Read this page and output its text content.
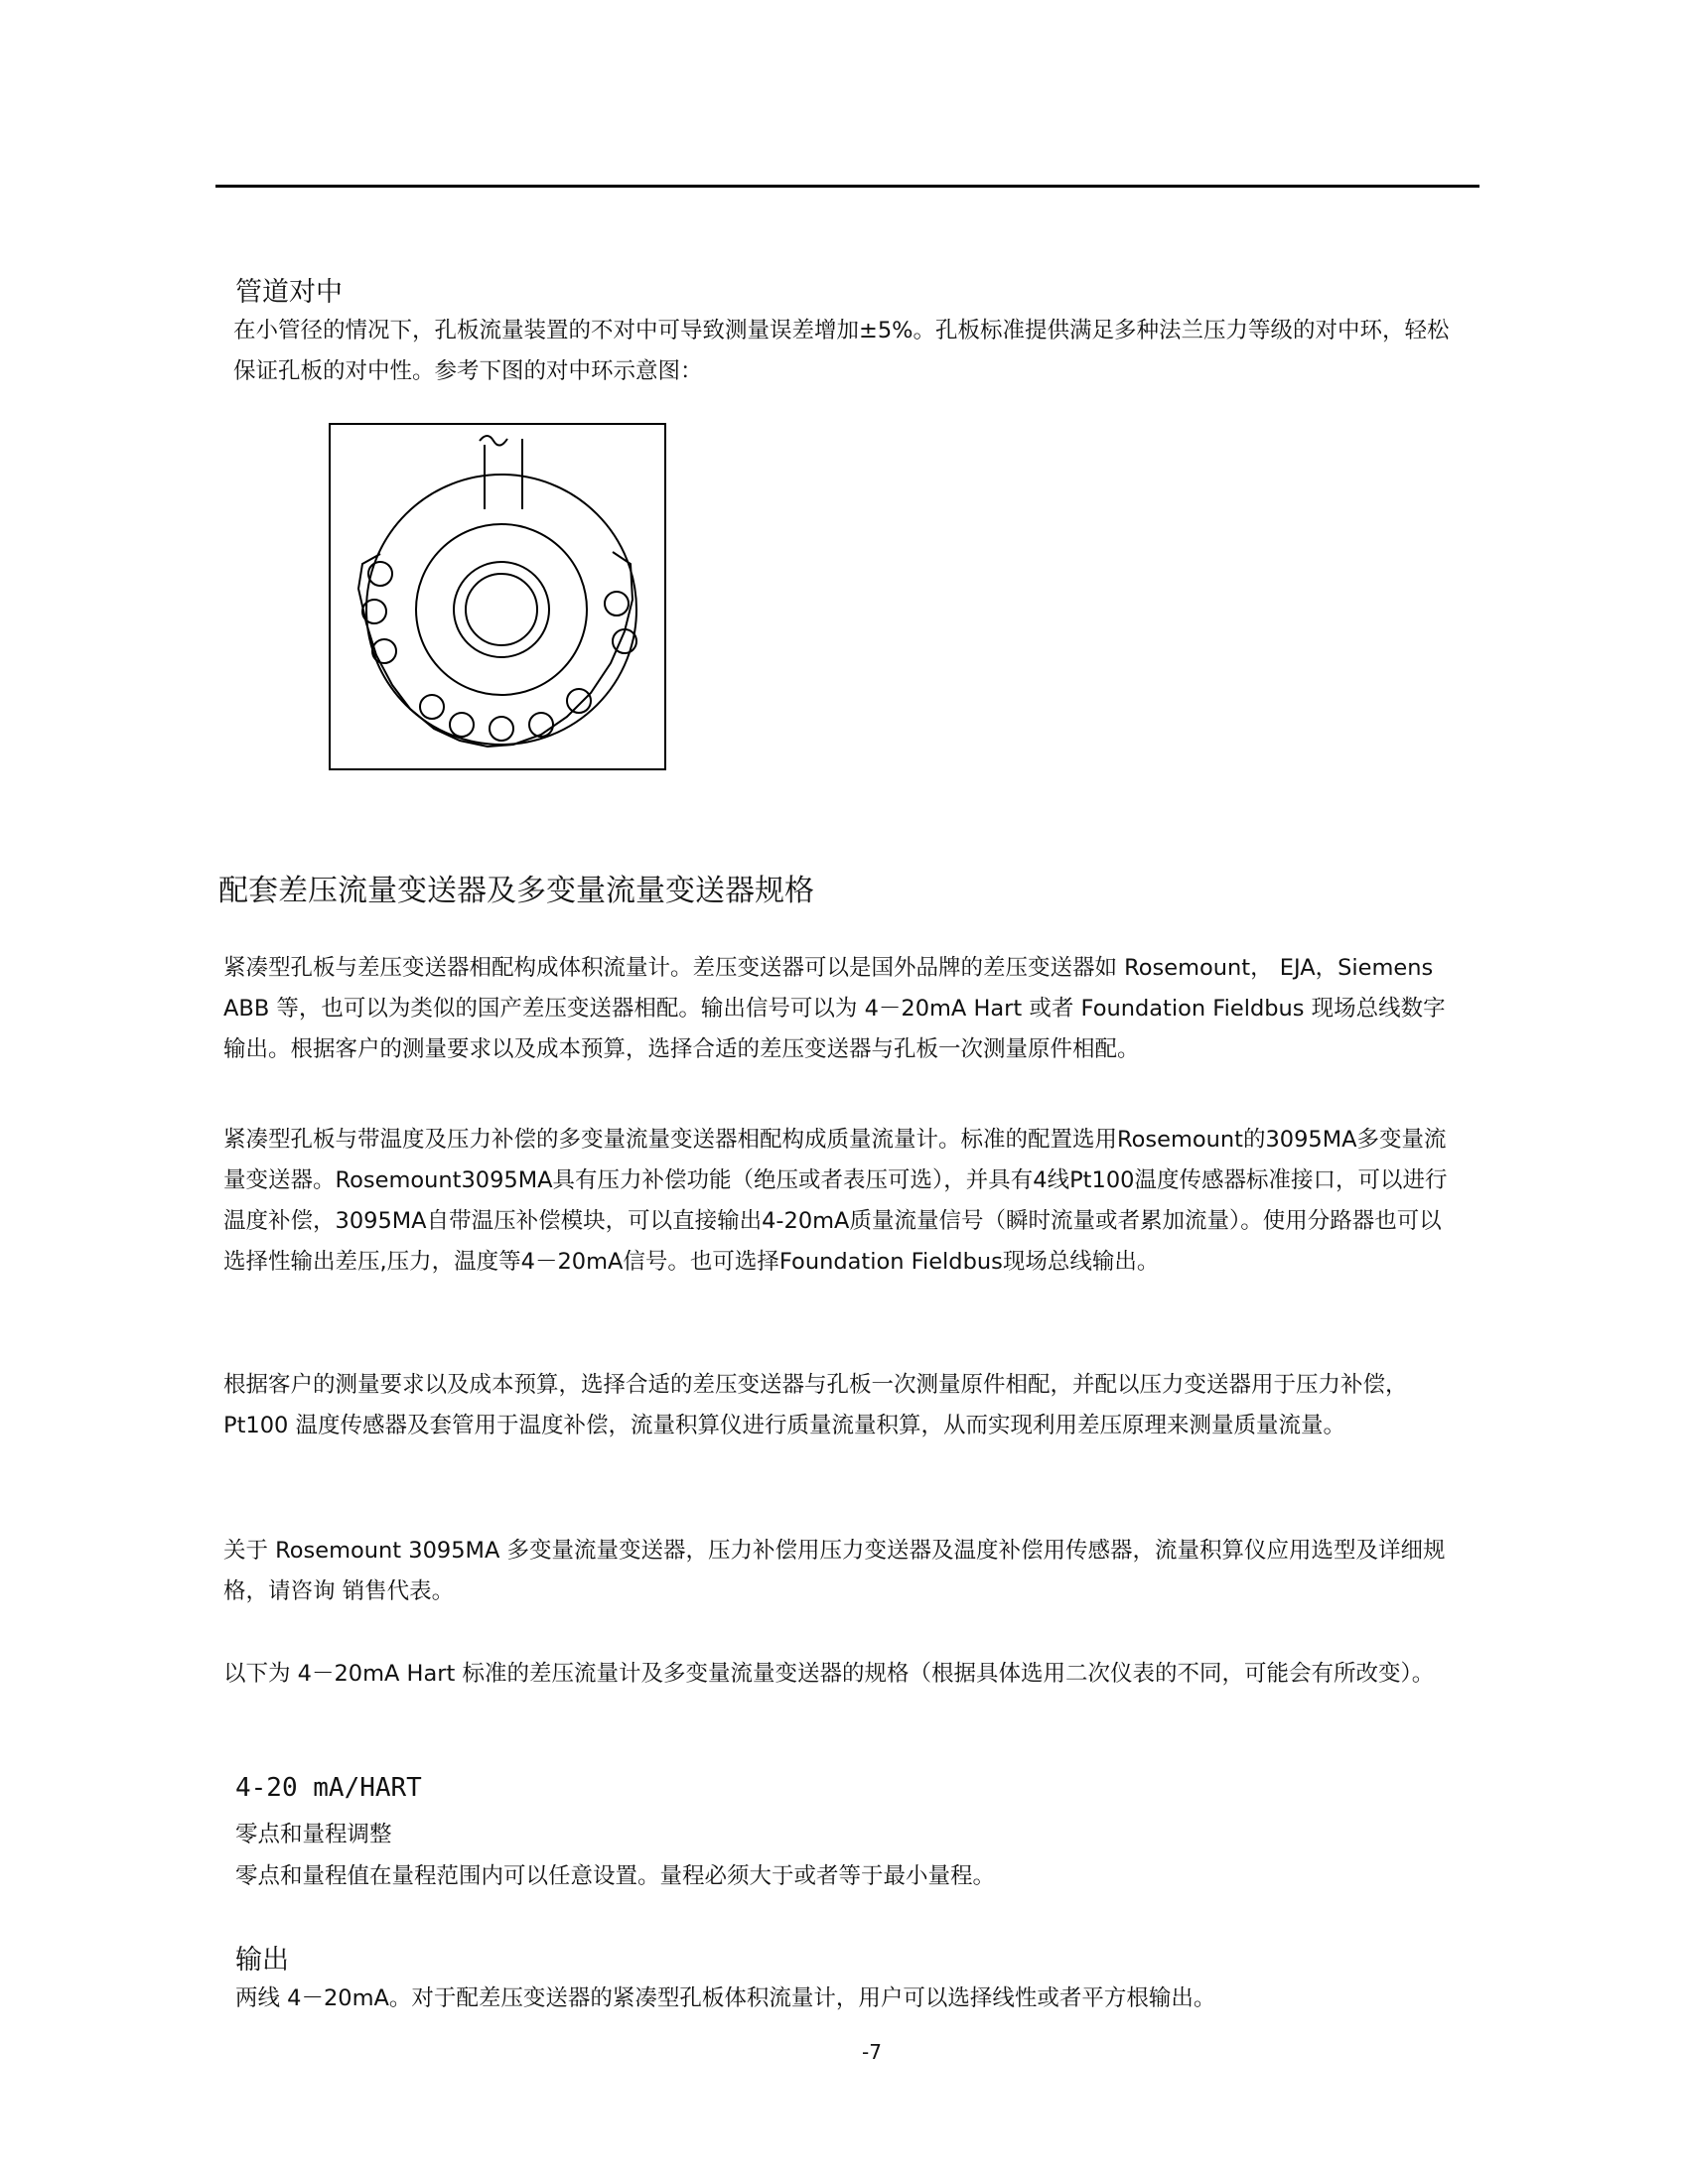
管道对中
在小管径的情况下，孔板流量装置的不对中可导致测量误差增加±5%。孔板标准提供满足多种法兰压力等级的对中环，轻松
保证孔板的对中性。参考下图的对中环示意图：
配套差压流量变送器及多变量流量变送器规格
紧凑型孔板与差压变送器相配构成体积流量计。差压变送器可以是国外品牌的差压变送器如 Rosemount， EJA，Siemens
ABB 等，也可以为类似的国产差压变送器相配。输出信号可以为 4－20mA Hart 或者 Foundation Fieldbus 现场总线数字
输出。根据客户的测量要求以及成本预算，选择合适的差压变送器与孔板一次测量原件相配。
紧凑型孔板与带温度及压力补偿的多变量流量变送器相配构成质量流量计。标准的配置选用Rosemount的3095MA多变量流
量变送器。Rosemount3095MA具有压力补偿功能（绝压或者表压可选），并具有4线Pt100温度传感器标准接口，可以进行
温度补偿，3095MA自带温压补偿模块，可以直接输出4-20mA质量流量信号（瞬时流量或者累加流量）。使用分路器也可以
选择性输出差压,压力，温度等4－20mA信号。也可选择Foundation Fieldbus现场总线输出。
根据客户的测量要求以及成本预算，选择合适的差压变送器与孔板一次测量原件相配，并配以压力变送器用于压力补偿，
Pt100 温度传感器及套管用于温度补偿，流量积算仪进行质量流量积算，从而实现利用差压原理来测量质量流量。
关于 Rosemount 3095MA 多变量流量变送器，压力补偿用压力变送器及温度补偿用传感器，流量积算仪应用选型及详细规
格，请咨询 销售代表。
以下为 4－20mA Hart 标准的差压流量计及多变量流量变送器的规格（根据具体选用二次仪表的不同，可能会有所改变）。
4-20 mA/HART
零点和量程调整
零点和量程值在量程范围内可以任意设置。量程必须大于或者等于最小量程。
输出
两线 4－20mA。对于配差压变送器的紧凑型孔板体积流量计，用户可以选择线性或者平方根输出。
-7
